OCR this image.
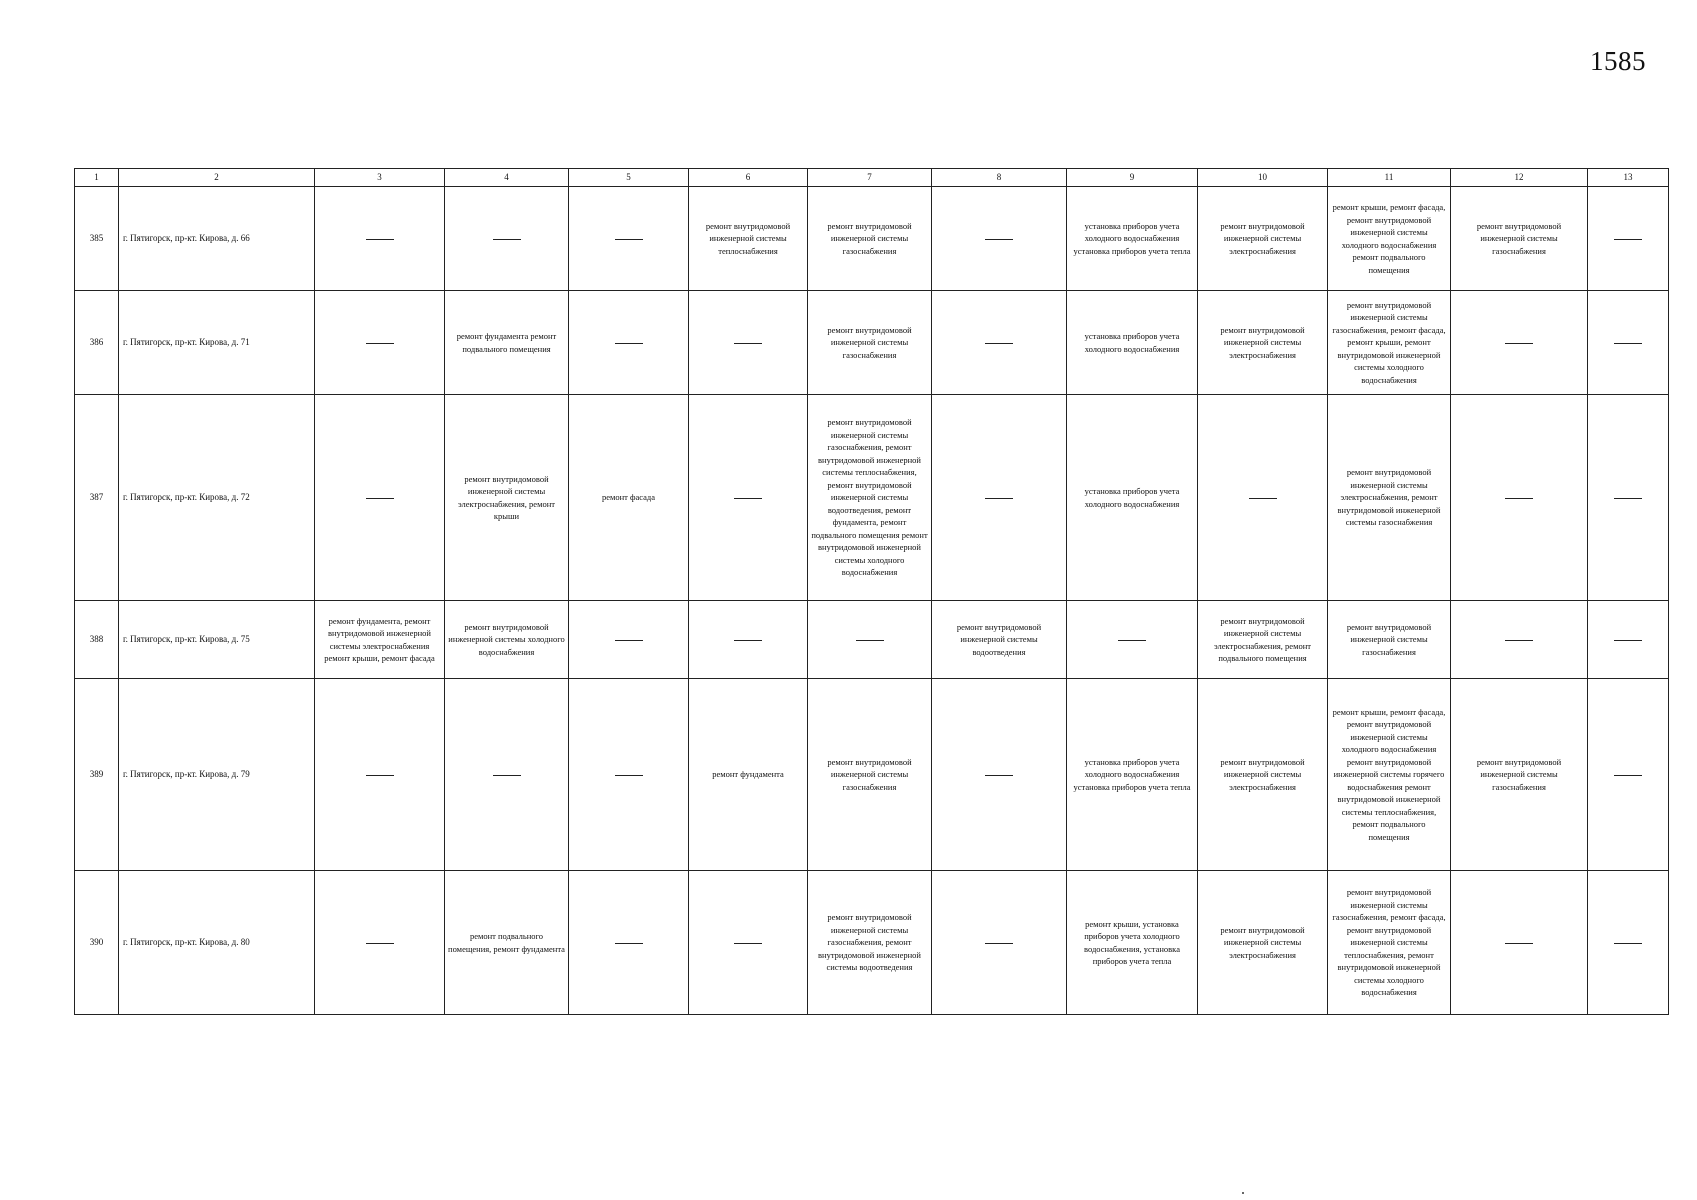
1585
1	2	3	4	5	6	7	8	9	10	11	12	13
385	г. Пятигорск, пр-кт. Кирова, д. 66				ремонт внутридомовой инженерной системы теплоснабжения	ремонт внутридомовой инженерной системы газоснабжения		установка приборов учета холодного водоснабжения установка приборов учета тепла	ремонт внутридомовой инженерной системы электроснабжения	ремонт крыши, ремонт фасада, ремонт внутридомовой инженерной системы холодного водоснабжения ремонт подвального помещения	ремонт внутридомовой инженерной системы газоснабжения	

386	г. Пятигорск, пр-кт. Кирова, д. 71		ремонт фундамента ремонт подвального помещения			ремонт внутридомовой инженерной системы газоснабжения		установка приборов учета холодного водоснабжения	ремонт внутридомовой инженерной системы электроснабжения	ремонт внутридомовой инженерной системы газоснабжения, ремонт фасада, ремонт крыши, ремонт внутридомовой инженерной системы холодного водоснабжения		

387	г. Пятигорск, пр-кт. Кирова, д. 72		ремонт внутридомовой инженерной системы электроснабжения, ремонт крыши	ремонт фасада		ремонт внутридомовой инженерной системы газоснабжения, ремонт внутридомовой инженерной системы теплоснабжения, ремонт внутридомовой инженерной системы водоотведения, ремонт фундамента, ремонт подвального помещения ремонт внутридомовой инженерной системы холодного водоснабжения		установка приборов учета холодного водоснабжения		ремонт внутридомовой инженерной системы электроснабжения, ремонт внутридомовой инженерной системы газоснабжения		

388	г. Пятигорск, пр-кт. Кирова, д. 75	ремонт фундамента, ремонт внутридомовой инженерной системы электроснабжения ремонт крыши, ремонт фасада	ремонт внутридомовой инженерной системы холодного водоснабжения				ремонт внутридомовой инженерной системы водоотведения		ремонт внутридомовой инженерной системы электроснабжения, ремонт подвального помещения	ремонт внутридомовой инженерной системы газоснабжения		

389	г. Пятигорск, пр-кт. Кирова, д. 79				ремонт фундамента	ремонт внутридомовой инженерной системы газоснабжения		установка приборов учета холодного водоснабжения установка приборов учета тепла	ремонт внутридомовой инженерной системы электроснабжения	ремонт крыши, ремонт фасада, ремонт внутридомовой инженерной системы холодного водоснабжения ремонт внутридомовой инженерной системы горячего водоснабжения ремонт внутридомовой инженерной системы теплоснабжения, ремонт подвального помещения	ремонт внутридомовой инженерной системы газоснабжения	

390	г. Пятигорск, пр-кт. Кирова, д. 80		ремонт подвального помещения, ремонт фундамента			ремонт внутридомовой инженерной системы газоснабжения, ремонт внутридомовой инженерной системы водоотведения		ремонт крыши, установка приборов учета холодного водоснабжения, установка приборов учета тепла	ремонт внутридомовой инженерной системы электроснабжения	ремонт внутридомовой инженерной системы газоснабжения, ремонт фасада, ремонт внутридомовой инженерной системы теплоснабжения, ремонт внутридомовой инженерной системы холодного водоснабжения		
